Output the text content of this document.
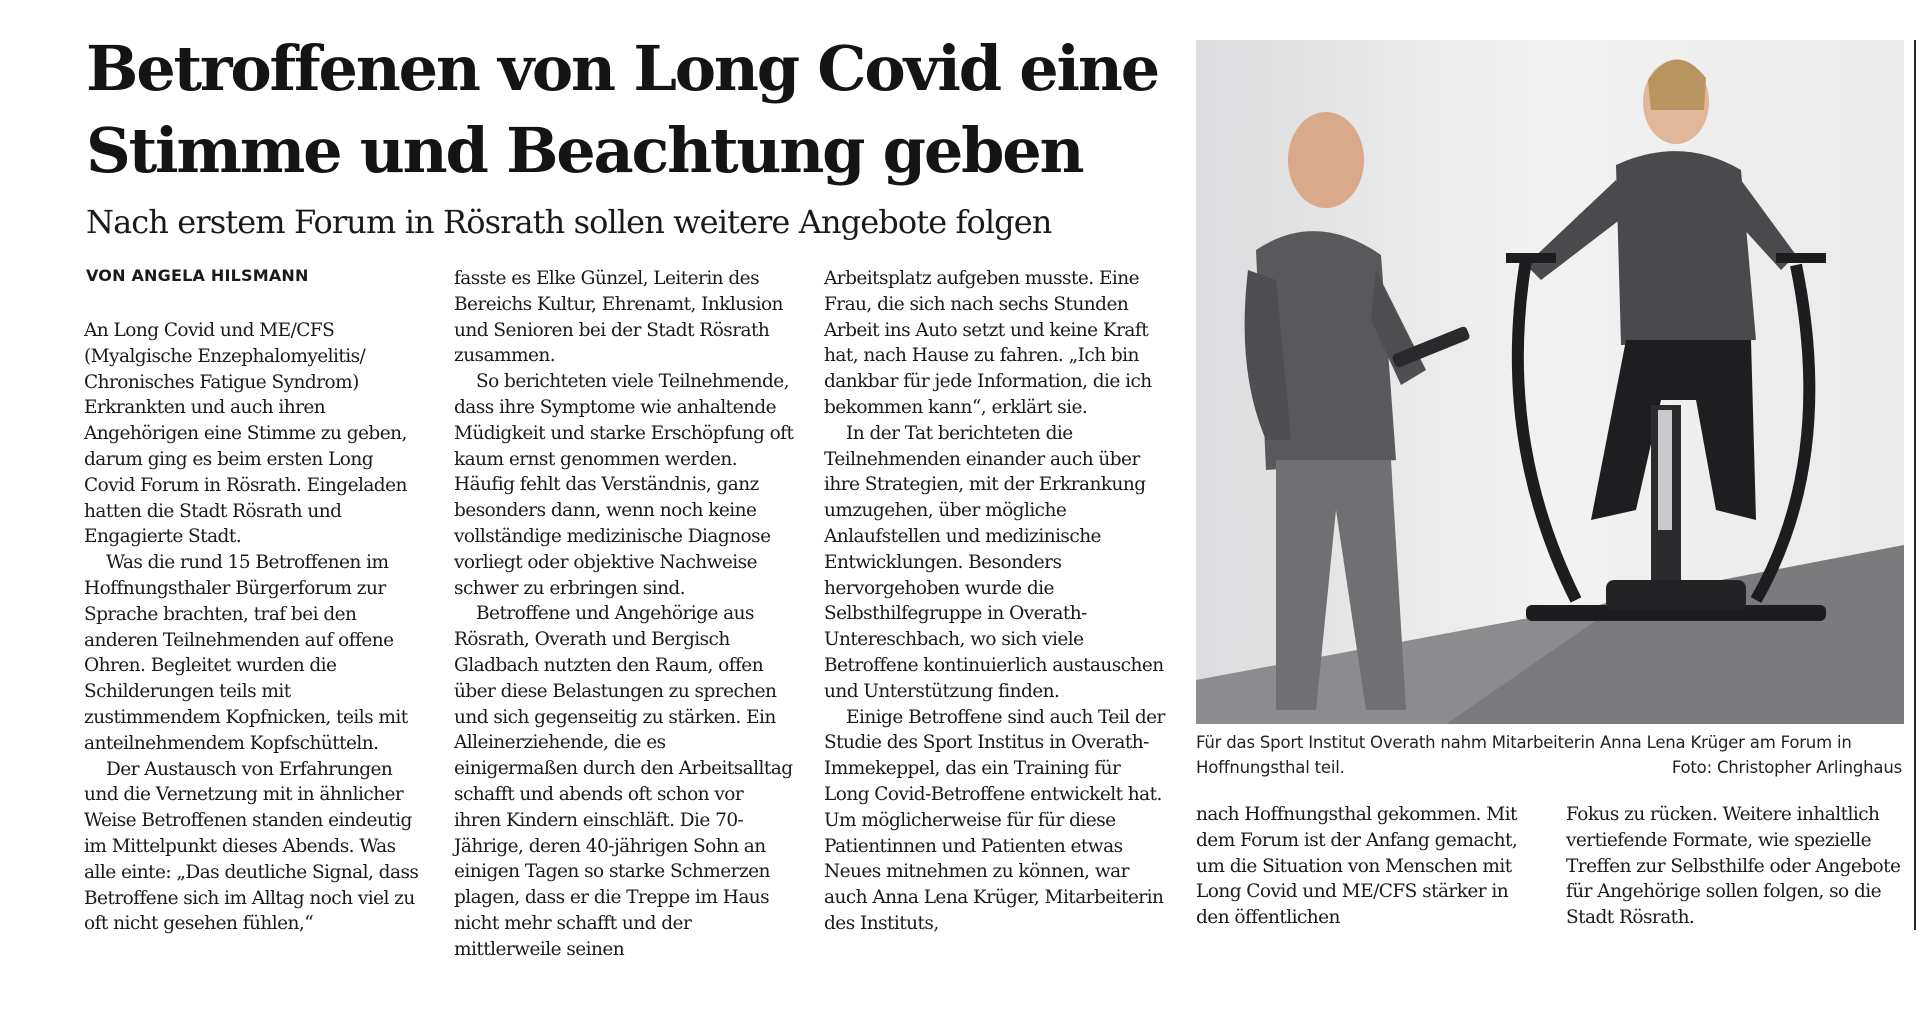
Betroffenen von Long Covid eine
Stimme und Beachtung geben
Nach erstem Forum in Rösrath sollen weitere Angebote folgen
VON ANGELA HILSMANN

An Long Covid und ME/CFS (Myalgische Enzephalomyelitis/ Chronisches Fatigue Syndrom) Erkrankten und auch ihren Angehörigen eine Stimme zu geben, darum ging es beim ersten Long Covid Forum in Rösrath. Eingeladen hatten die Stadt Rösrath und Engagierte Stadt.

Was die rund 15 Betroffenen im Hoffnungsthaler Bürgerforum zur Sprache brachten, traf bei den anderen Teilnehmenden auf offene Ohren. Begleitet wurden die Schilderungen teils mit zustimmendem Kopfnicken, teils mit anteilnehmendem Kopfschütteln.

Der Austausch von Erfahrungen und die Vernetzung mit in ähnlicher Weise Betroffenen standen eindeutig im Mittelpunkt dieses Abends. Was alle einte: „Das deutliche Signal, dass Betroffene sich im Alltag noch viel zu oft nicht gesehen fühlen,“

fasste es Elke Günzel, Leiterin des Bereichs Kultur, Ehrenamt, Inklusion und Senioren bei der Stadt Rösrath zusammen.

So berichteten viele Teilnehmende, dass ihre Symptome wie anhaltende Müdigkeit und starke Erschöpfung oft kaum ernst genommen werden. Häufig fehlt das Verständnis, ganz besonders dann, wenn noch keine vollständige medizinische Diagnose vorliegt oder objektive Nachweise schwer zu erbringen sind.

Betroffene und Angehörige aus Rösrath, Overath und Bergisch Gladbach nutzten den Raum, offen über diese Belastungen zu sprechen und sich gegenseitig zu stärken. Ein Alleinerziehende, die es einigermaßen durch den Arbeitsalltag schafft und abends oft schon vor ihren Kindern einschläft. Die 70-Jährige, deren 40-jährigen Sohn an einigen Tagen so starke Schmerzen plagen, dass er die Treppe im Haus nicht mehr schafft und der mittlerweile seinen

Arbeitsplatz aufgeben musste. Eine Frau, die sich nach sechs Stunden Arbeit ins Auto setzt und keine Kraft hat, nach Hause zu fahren. „Ich bin dankbar für jede Information, die ich bekommen kann“, erklärt sie.

In der Tat berichteten die Teilnehmenden einander auch über ihre Strategien, mit der Erkrankung umzugehen, über mögliche Anlaufstellen und medizinische Entwicklungen. Besonders hervorgehoben wurde die Selbsthilfegruppe in Overath-Untereschbach, wo sich viele Betroffene kontinuierlich austauschen und Unterstützung finden.

Einige Betroffene sind auch Teil der Studie des Sport Institus in Overath-Immekeppel, das ein Training für Long Covid-Betroffene entwickelt hat. Um möglicherweise für für diese Patientinnen und Patienten etwas Neues mitnehmen zu können, war auch Anna Lena Krüger, Mitarbeiterin des Instituts,

Für das Sport Institut Overath nahm Mitarbeiterin Anna Lena Krüger am Forum in Hoffnungsthal teil.	Foto: Christopher Arlinghaus

nach Hoffnungsthal gekommen. Mit dem Forum ist der Anfang gemacht, um die Situation von Menschen mit Long Covid und ME/CFS stärker in den öffentlichen

Fokus zu rücken. Weitere inhaltlich vertiefende Formate, wie spezielle Treffen zur Selbsthilfe oder Angebote für Angehörige sollen folgen, so die Stadt Rösrath.
